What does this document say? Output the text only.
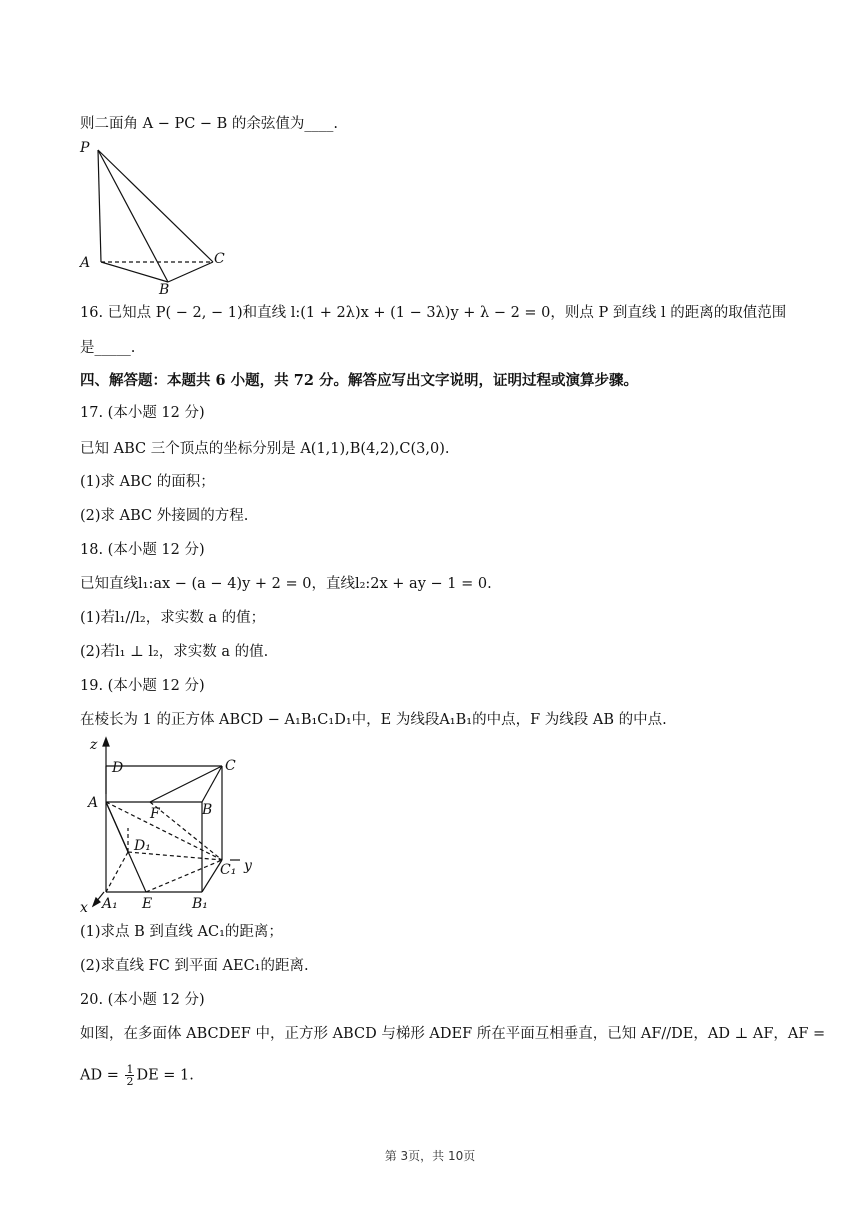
则二面角 A − PC − B 的余弦值为____.
P
A
B
C
16. 已知点 P( − 2, − 1)和直线 l:(1 + 2λ)x + (1 − 3λ)y + λ − 2 = 0，则点 P 到直线 l 的距离的取值范围
是_____.
四、解答题：本题共 6 小题，共 72 分。解答应写出文字说明，证明过程或演算步骤。
17. (本小题 12 分)
已知 ABC 三个顶点的坐标分别是 A(1,1),B(4,2),C(3,0).
(1)求 ABC 的面积；
(2)求 ABC 外接圆的方程.
18. (本小题 12 分)
已知直线l₁:ax − (a − 4)y + 2 = 0，直线l₂:2x + ay − 1 = 0.
(1)若l₁//l₂，求实数 a 的值；
(2)若l₁ ⊥ l₂，求实数 a 的值.
19. (本小题 12 分)
在棱长为 1 的正方体 ABCD − A₁B₁C₁D₁中，E 为线段A₁B₁的中点，F 为线段 AB 的中点.
z
D	C
A
F	B
D₁
C₁ y
x A₁ E	B₁
(1)求点 B 到直线 AC₁的距离；
(2)求直线 FC 到平面 AEC₁的距离.
20. (本小题 12 分)
如图，在多面体 ABCDEF 中，正方形 ABCD 与梯形 ADEF 所在平面互相垂直，已知 AF//DE，AD ⊥ AF，AF =
AD = $\frac{1}{2}$ DE = 1.
第 3页，共 10页
